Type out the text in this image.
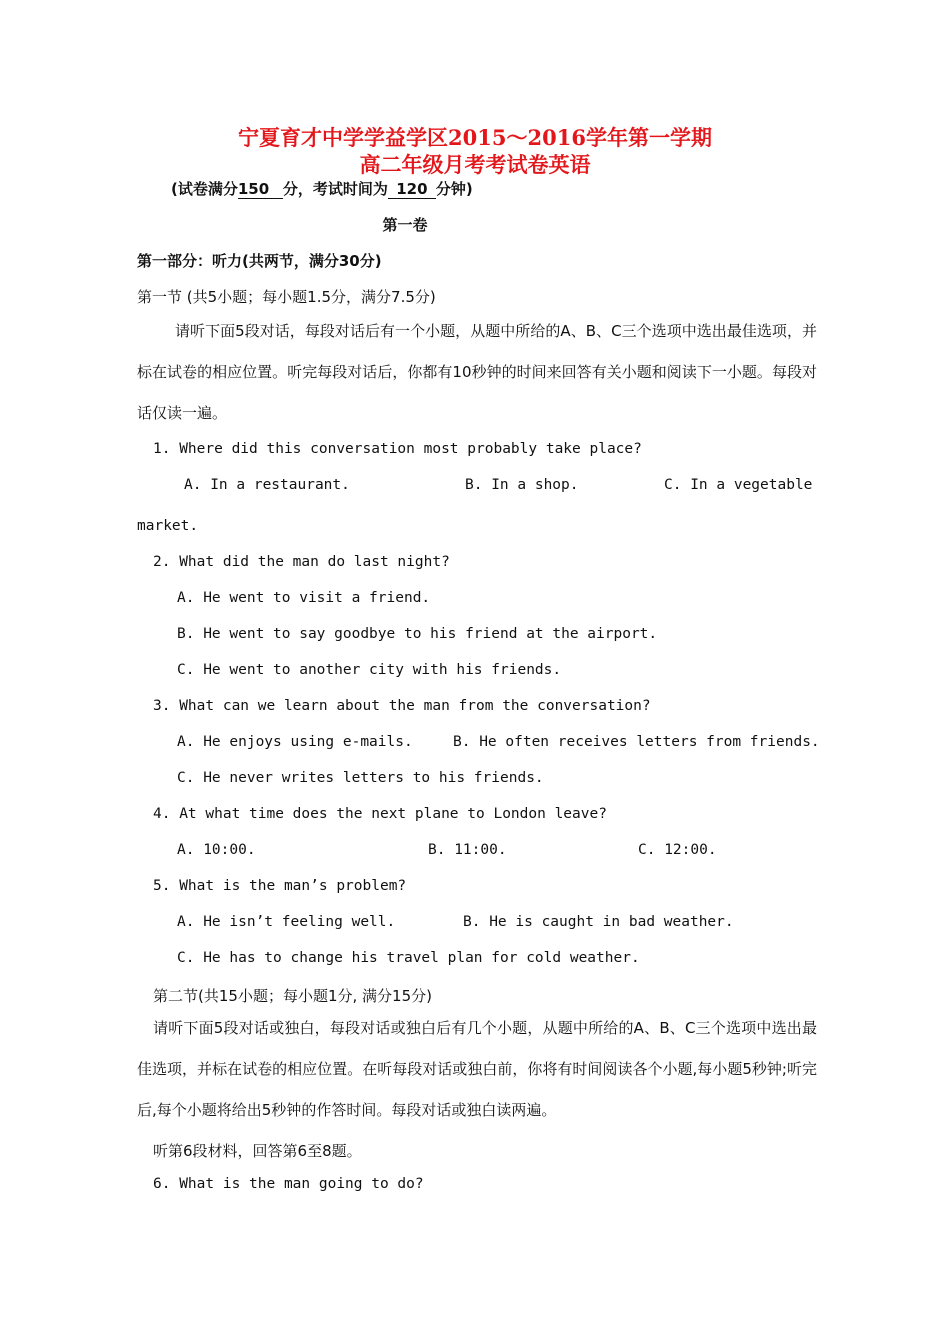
宁夏育才中学学益学区2015～2016学年第一学期
高二年级月考考试卷英语
(试卷满分150 分，考试时间为 120 分钟)
第一卷
第一部分：听力(共两节，满分30分)
第一节 (共5小题；每小题1.5分，满分7.5分)
请听下面5段对话，每段对话后有一个小题，从题中所给的A、B、C三个选项中选出最佳选项，并标在试卷的相应位置。听完每段对话后，你都有10秒钟的时间来回答有关小题和阅读下一小题。每段对话仅读一遍。
1. Where did this conversation most probably take place?
A. In a restaurant.	B. In a shop.	C. In a vegetable
market.
2. What did the man do last night?
A. He went to visit a friend.
B. He went to say goodbye to his friend at the airport.
C. He went to another city with his friends.
3. What can we learn about the man from the conversation?
A. He enjoys using e-mails.	B. He often receives letters from friends.
C. He never writes letters to his friends.
4. At what time does the next plane to London leave?
A. 10:00.	B. 11:00.	C. 12:00.
5. What is the man’s problem?
A. He isn’t feeling well.	B. He is caught in bad weather.
C. He has to change his travel plan for cold weather.
第二节(共15小题；每小题1分, 满分15分)
请听下面5段对话或独白，每段对话或独白后有几个小题，从题中所给的A、B、C三个选项中选出最佳选项，并标在试卷的相应位置。在听每段对话或独白前，你将有时间阅读各个小题,每小题5秒钟;听完后,每个小题将给出5秒钟的作答时间。每段对话或独白读两遍。
听第6段材料，回答第6至8题。
6. What is the man going to do?
